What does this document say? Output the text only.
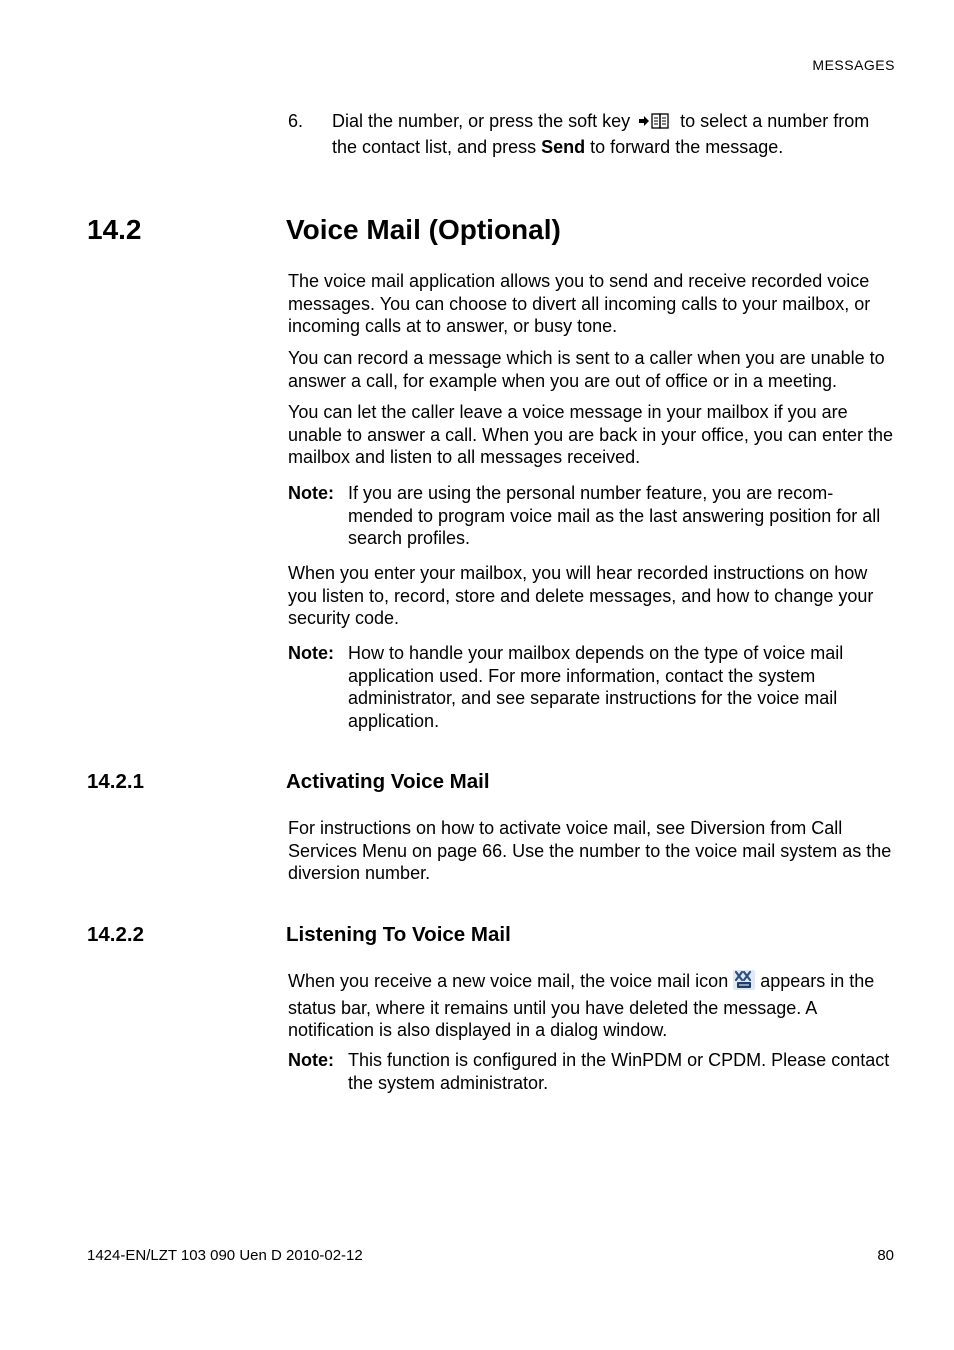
MESSAGES
6. Dial the number, or press the soft key	to select a number from the contact list, and press Send to forward the message.
14.2	Voice Mail (Optional)
The voice mail application allows you to send and receive recorded voice messages. You can choose to divert all incoming calls to your mailbox, or incoming calls at to answer, or busy tone.
You can record a message which is sent to a caller when you are unable to answer a call, for example when you are out of office or in a meeting.
You can let the caller leave a voice message in your mailbox if you are unable to answer a call. When you are back in your office, you can enter the mailbox and listen to all messages received.
Note: If you are using the personal number feature, you are recom-mended to program voice mail as the last answering position for all search profiles.
When you enter your mailbox, you will hear recorded instructions on how you listen to, record, store and delete messages, and how to change your security code.
Note: How to handle your mailbox depends on the type of voice mail application used. For more information, contact the system administrator, and see separate instructions for the voice mail application.
14.2.1	Activating Voice Mail
For instructions on how to activate voice mail, see Diversion from Call Services Menu on page 66. Use the number to the voice mail system as the diversion number.
14.2.2	Listening To Voice Mail
When you receive a new voice mail, the voice mail icon appears in the status bar, where it remains until you have deleted the message. A notification is also displayed in a dialog window.
Note: This function is configured in the WinPDM or CPDM. Please contact the system administrator.
1424-EN/LZT 103 090 Uen D 2010-02-12	80
